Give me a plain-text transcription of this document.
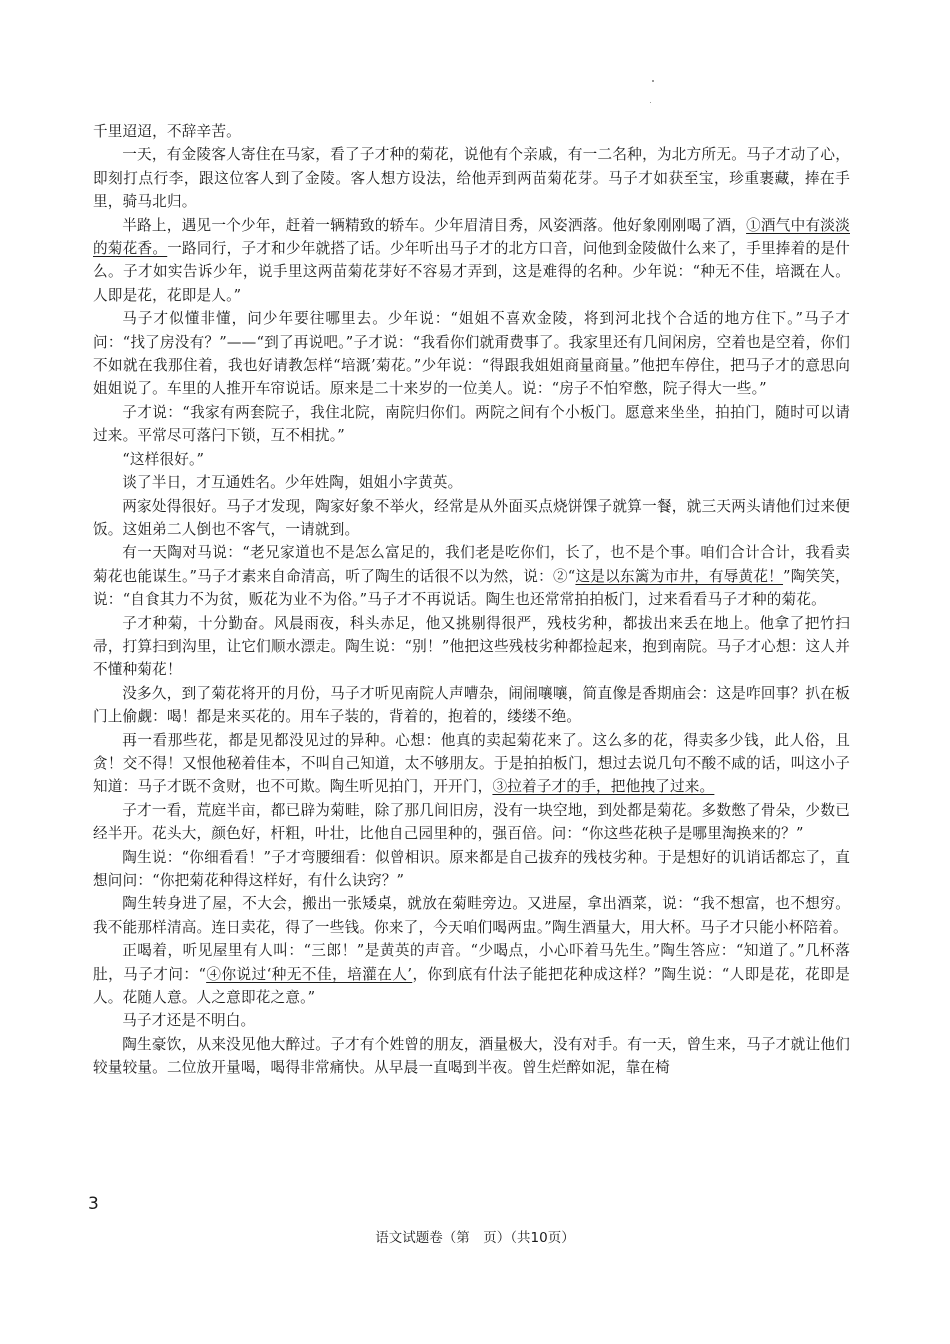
千里迢迢，不辞辛苦。

一天，有金陵客人寄住在马家，看了子才种的菊花，说他有个亲戚，有一二名种，为北方所无。马子才动了心，即刻打点行李，跟这位客人到了金陵。客人想方设法，给他弄到两苗菊花芽。马子才如获至宝，珍重裹藏，捧在手里，骑马北归。

半路上，遇见一个少年，赶着一辆精致的轿车。少年眉清目秀，风姿洒落。他好象刚刚喝了酒，①酒气中有淡淡的菊花香。一路同行，子才和少年就搭了话。少年听出马子才的北方口音，问他到金陵做什么来了，手里捧着的是什么。子才如实告诉少年，说手里这两苗菊花芽好不容易才弄到，这是难得的名种。少年说：“种无不佳，培溉在人。人即是花，花即是人。”

马子才似懂非懂，问少年要往哪里去。少年说：“姐姐不喜欢金陵，将到河北找个合适的地方住下。”马子才问：“找了房没有？”——“到了再说吧。”子才说：“我看你们就甭费事了。我家里还有几间闲房，空着也是空着，你们不如就在我那住着，我也好请教怎样“培溉’菊花。”少年说：“得跟我姐姐商量商量。”他把车停住，把马子才的意思向姐姐说了。车里的人推开车帘说话。原来是二十来岁的一位美人。说：“房子不怕窄憋，院子得大一些。”

子才说：“我家有两套院子，我住北院，南院归你们。两院之间有个小板门。愿意来坐坐，拍拍门，随时可以请过来。平常尽可落闩下锁，互不相扰。”

“这样很好。”

谈了半日，才互通姓名。少年姓陶，姐姐小字黄英。

两家处得很好。马子才发现，陶家好象不举火，经常是从外面买点烧饼馃子就算一餐，就三天两头请他们过来便饭。这姐弟二人倒也不客气，一请就到。

有一天陶对马说：“老兄家道也不是怎么富足的，我们老是吃你们，长了，也不是个事。咱们合计合计，我看卖菊花也能谋生。”马子才素来自命清高，听了陶生的话很不以为然，说：②“这是以东篱为市井，有辱黄花！”陶笑笑，说：“自食其力不为贫，贩花为业不为俗。”马子才不再说话。陶生也还常常拍拍板门，过来看看马子才种的菊花。

子才种菊，十分勤奋。风晨雨夜，科头赤足，他又挑剔得很严，残枝劣种，都拔出来丢在地上。他拿了把竹扫帚，打算扫到沟里，让它们顺水漂走。陶生说：“别！”他把这些残枝劣种都捡起来，抱到南院。马子才心想：这人并不懂种菊花！

没多久，到了菊花将开的月份，马子才听见南院人声嘈杂，闹闹嚷嚷，简直像是香期庙会：这是咋回事？扒在板门上偷觑：喝！都是来买花的。用车子装的，背着的，抱着的，缕缕不绝。

再一看那些花，都是见都没见过的异种。心想：他真的卖起菊花来了。这么多的花，得卖多少钱，此人俗，且贪！交不得！又恨他秘着佳本，不叫自己知道，太不够朋友。于是拍拍板门，想过去说几句不酸不咸的话，叫这小子知道：马子才既不贪财，也不可欺。陶生听见拍门，开开门，③拉着子才的手，把他拽了过来。

子才一看，荒庭半亩，都已辟为菊畦，除了那几间旧房，没有一块空地，到处都是菊花。多数憋了骨朵，少数已经半开。花头大，颜色好，杆粗，叶壮，比他自己园里种的，强百倍。问：“你这些花秧子是哪里淘换来的？”

陶生说：“你细看看！”子才弯腰细看：似曾相识。原来都是自己拔弃的残枝劣种。于是想好的讥诮话都忘了，直想问问：“你把菊花种得这样好，有什么诀窍？”

陶生转身进了屋，不大会，搬出一张矮桌，就放在菊畦旁边。又进屋，拿出酒菜，说：“我不想富，也不想穷。我不能那样清高。连日卖花，得了一些钱。你来了，今天咱们喝两盅。”陶生酒量大，用大杯。马子才只能小杯陪着。

正喝着，听见屋里有人叫：“三郎！”是黄英的声音。“少喝点，小心吓着马先生。”陶生答应：“知道了。”几杯落肚，马子才问：“④你说过‘种无不佳，培灌在人’，你到底有什法子能把花种成这样？”陶生说：“人即是花，花即是人。花随人意。人之意即花之意。”

马子才还是不明白。

陶生豪饮，从来没见他大醉过。子才有个姓曾的朋友，酒量极大，没有对手。有一天，曾生来，马子才就让他们较量较量。二位放开量喝，喝得非常痛快。从早晨一直喝到半夜。曾生烂醉如泥，靠在椅

3
语文试题卷（第　页）（共10页）
